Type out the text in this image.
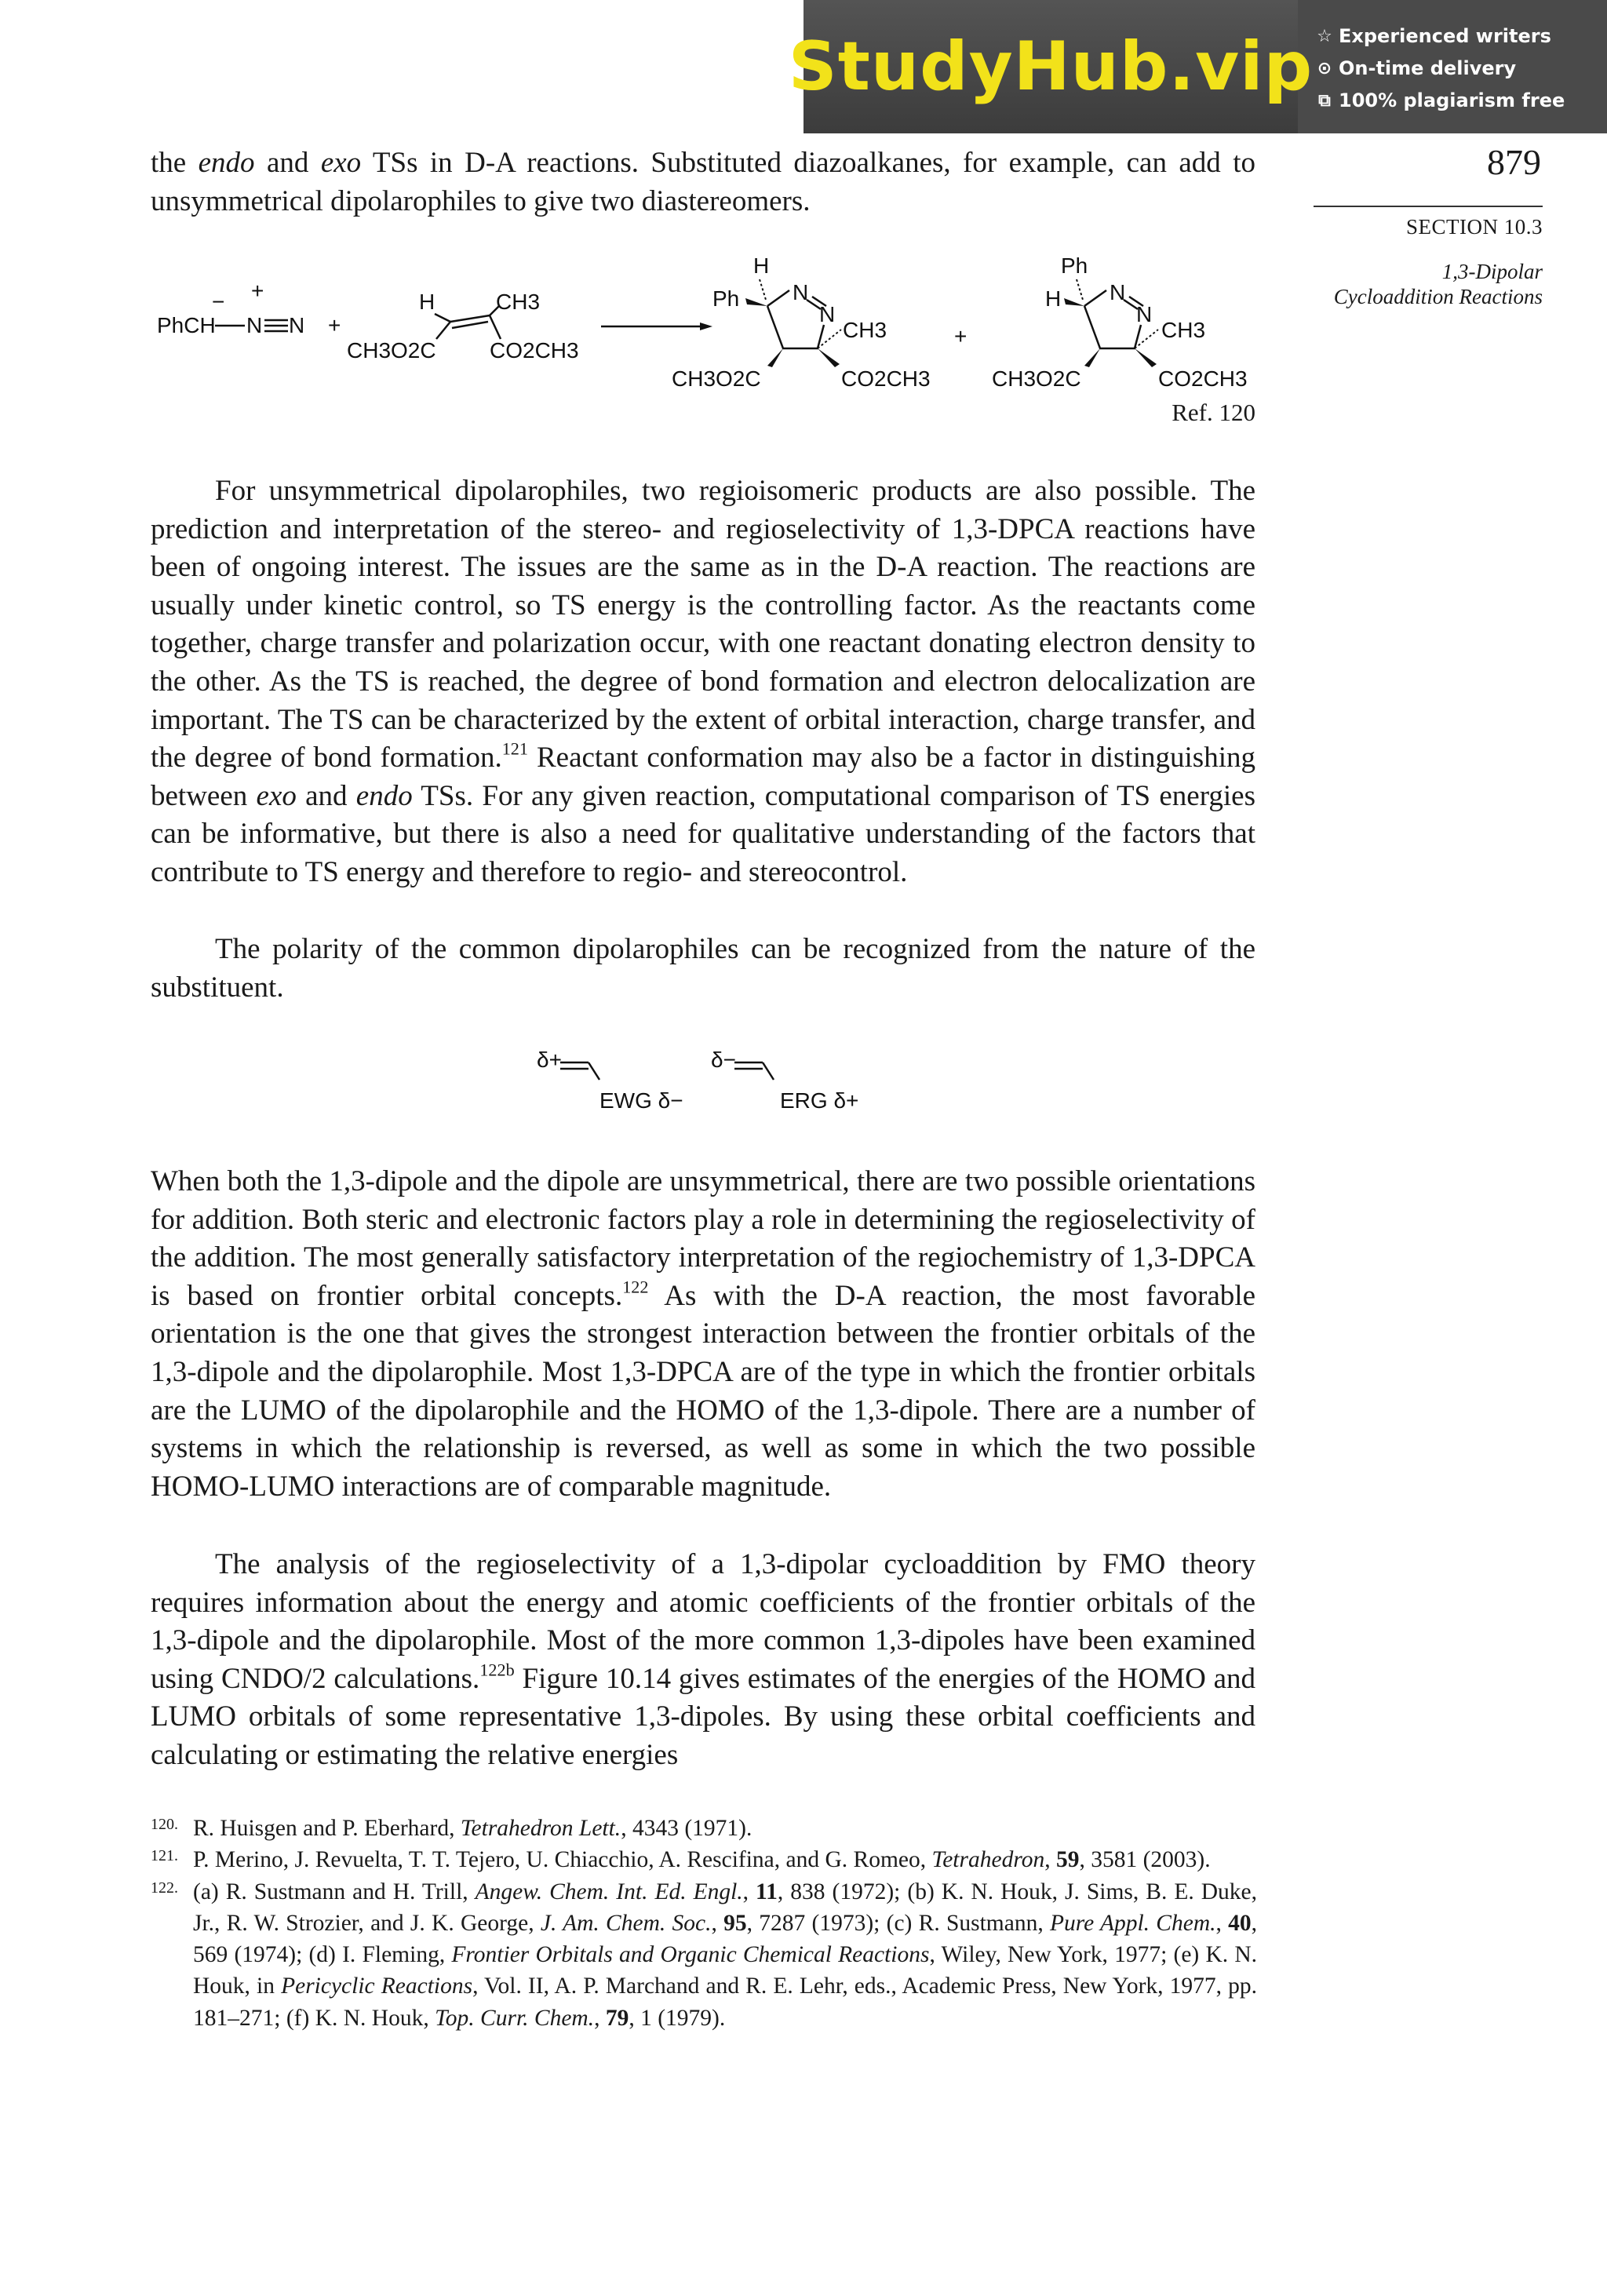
StudyHub.vip ☆ Experienced writers
⊙ On-time delivery
⧉ 100% plagiarism free
879
SECTION 10.3
1,3-Dipolar
Cycloaddition Reactions
the endo and exo TSs in D-A reactions. Substituted diazoalkanes, for example, can add to unsymmetrical dipolarophiles to give two diastereomers.
PhCH
− +
N N +
H	CH3
CH3O2C CO2CH3
H
Ph N
N
CH3
CH3O2C	CO2CH3
+
Ph
H N
N
CH3
CH3O2C	CO2CH3
Ref. 120
For unsymmetrical dipolarophiles, two regioisomeric products are also possible. The prediction and interpretation of the stereo- and regioselectivity of 1,3-DPCA reactions have been of ongoing interest. The issues are the same as in the D-A reaction. The reactions are usually under kinetic control, so TS energy is the controlling factor. As the reactants come together, charge transfer and polarization occur, with one reactant donating electron density to the other. As the TS is reached, the degree of bond formation and electron delocalization are important. The TS can be characterized by the extent of orbital interaction, charge transfer, and the degree of bond formation.$^{121}$ Reactant conformation may also be a factor in distinguishing between exo and endo TSs. For any given reaction, computational comparison of TS energies can be informative, but there is also a need for qualitative understanding of the factors that contribute to TS energy and therefore to regio- and stereocontrol.
The polarity of the common dipolarophiles can be recognized from the nature of the substituent.
δ+
EWG δ−
δ−
ERG δ+
When both the 1,3-dipole and the dipole are unsymmetrical, there are two possible orientations for addition. Both steric and electronic factors play a role in determining the regioselectivity of the addition. The most generally satisfactory interpretation of the regiochemistry of 1,3-DPCA is based on frontier orbital concepts.$^{122}$ As with the D-A reaction, the most favorable orientation is the one that gives the strongest interaction between the frontier orbitals of the 1,3-dipole and the dipolarophile. Most 1,3-DPCA are of the type in which the frontier orbitals are the LUMO of the dipolarophile and the HOMO of the 1,3-dipole. There are a number of systems in which the relationship is reversed, as well as some in which the two possible HOMO-LUMO interactions are of comparable magnitude.
The analysis of the regioselectivity of a 1,3-dipolar cycloaddition by FMO theory requires information about the energy and atomic coefficients of the frontier orbitals of the 1,3-dipole and the dipolarophile. Most of the more common 1,3-dipoles have been examined using CNDO/2 calculations.$^{122b}$ Figure 10.14 gives estimates of the energies of the HOMO and LUMO orbitals of some representative 1,3-dipoles. By using these orbital coefficients and calculating or estimating the relative energies
120. R. Huisgen and P. Eberhard, Tetrahedron Lett., 4343 (1971).
121. P. Merino, J. Revuelta, T. T. Tejero, U. Chiacchio, A. Rescifina, and G. Romeo, Tetrahedron, 59, 3581 (2003).
122. (a) R. Sustmann and H. Trill, Angew. Chem. Int. Ed. Engl., 11, 838 (1972); (b) K. N. Houk, J. Sims, B. E. Duke, Jr., R. W. Strozier, and J. K. George, J. Am. Chem. Soc., 95, 7287 (1973); (c) R. Sustmann, Pure Appl. Chem., 40, 569 (1974); (d) I. Fleming, Frontier Orbitals and Organic Chemical Reactions, Wiley, New York, 1977; (e) K. N. Houk, in Pericyclic Reactions, Vol. II, A. P. Marchand and R. E. Lehr, eds., Academic Press, New York, 1977, pp. 181–271; (f) K. N. Houk, Top. Curr. Chem., 79, 1 (1979).
